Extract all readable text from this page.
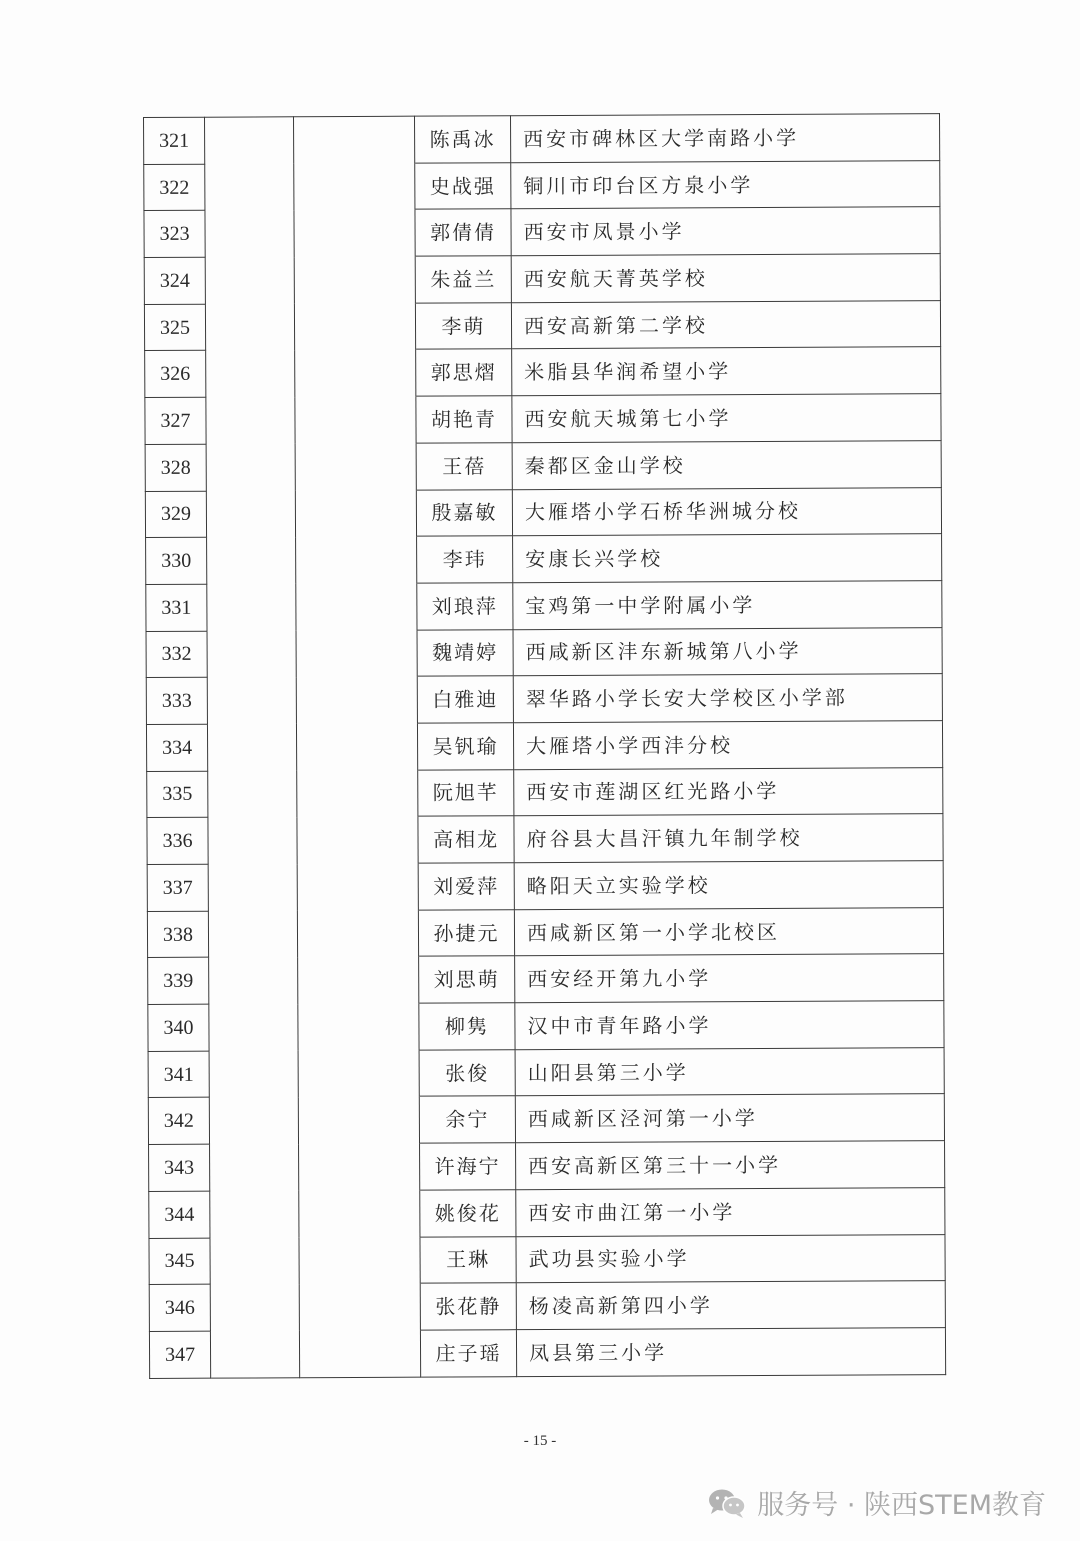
321			陈禹冰	西安市碑林区大学南路小学
322			史战强	铜川市印台区方泉小学
323			郭倩倩	西安市凤景小学
324			朱益兰	西安航天菁英学校
325			李萌	西安高新第二学校
326			郭思熠	米脂县华润希望小学
327			胡艳青	西安航天城第七小学
328			王蓓	秦都区金山学校
329			殷嘉敏	大雁塔小学石桥华洲城分校
330			李玮	安康长兴学校
331			刘琅萍	宝鸡第一中学附属小学
332			魏靖婷	西咸新区沣东新城第八小学
333			白雅迪	翠华路小学长安大学校区小学部
334			吴钒瑜	大雁塔小学西沣分校
335			阮旭芊	西安市莲湖区红光路小学
336			高相龙	府谷县大昌汗镇九年制学校
337			刘爱萍	略阳天立实验学校
338			孙捷元	西咸新区第一小学北校区
339			刘思萌	西安经开第九小学
340			柳隽	汉中市青年路小学
341			张俊	山阳县第三小学
342			余宁	西咸新区泾河第一小学
343			许海宁	西安高新区第三十一小学
344			姚俊花	西安市曲江第一小学
345			王琳	武功县实验小学
346			张花静	杨凌高新第四小学
347			庄子瑶	凤县第三小学
- 15 -
服务号 · 陕西STEM教育
